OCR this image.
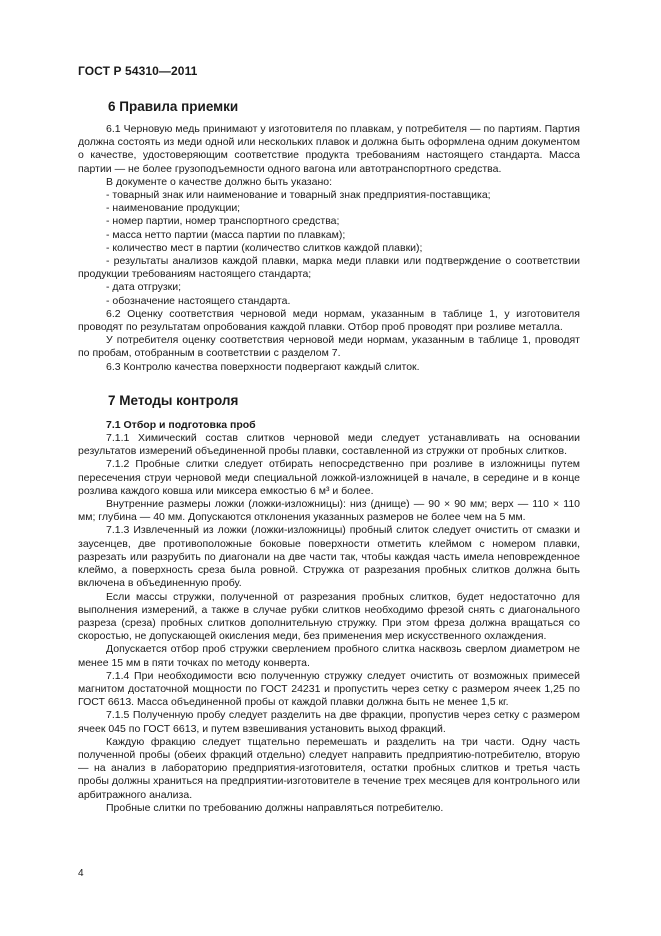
ГОСТ Р 54310—2011
6 Правила приемки

6.1 Черновую медь принимают у изготовителя по плавкам, у потребителя — по партиям. Партия должна состоять из меди одной или нескольких плавок и должна быть оформлена одним документом о качестве, удостоверяющим соответствие продукта требованиям настоящего стандарта. Масса партии — не более грузоподъемности одного вагона или автотранспортного средства.

В документе о качестве должно быть указано:

- товарный знак или наименование и товарный знак предприятия-поставщика;

- наименование продукции;

- номер партии, номер транспортного средства;

- масса нетто партии (масса партии по плавкам);

- количество мест в партии (количество слитков каждой плавки);

- результаты анализов каждой плавки, марка меди плавки или подтверждение о соответствии продукции требованиям настоящего стандарта;

- дата отгрузки;

- обозначение настоящего стандарта.

6.2 Оценку соответствия черновой меди нормам, указанным в таблице 1, у изготовителя проводят по результатам опробования каждой плавки. Отбор проб проводят при розливе металла.

У потребителя оценку соответствия черновой меди нормам, указанным в таблице 1, проводят по пробам, отобранным в соответствии с разделом 7.

6.3 Контролю качества поверхности подвергают каждый слиток.

7 Методы контроля
7.1 Отбор и подготовка проб

7.1.1 Химический состав слитков черновой меди следует устанавливать на основании результатов измерений объединенной пробы плавки, составленной из стружки от пробных слитков.

7.1.2 Пробные слитки следует отбирать непосредственно при розливе в изложницы путем пересечения струи черновой меди специальной ложкой-изложницей в начале, в середине и в конце розлива каждого ковша или миксера емкостью 6 м³ и более.

Внутренние размеры ложки (ложки-изложницы): низ (днище) — 90 × 90 мм; верх — 110 × 110 мм; глубина — 40 мм. Допускаются отклонения указанных размеров не более чем на 5 мм.

7.1.3 Извлеченный из ложки (ложки-изложницы) пробный слиток следует очистить от смазки и заусенцев, две противоположные боковые поверхности отметить клеймом с номером плавки, разрезать или разрубить по диагонали на две части так, чтобы каждая часть имела неповрежденное клеймо, а поверхность среза была ровной. Стружка от разрезания пробных слитков должна быть включена в объединенную пробу.

Если массы стружки, полученной от разрезания пробных слитков, будет недостаточно для выполнения измерений, а также в случае рубки слитков необходимо фрезой снять с диагонального разреза (среза) пробных слитков дополнительную стружку. При этом фреза должна вращаться со скоростью, не допускающей окисления меди, без применения мер искусственного охлаждения.

Допускается отбор проб стружки сверлением пробного слитка насквозь сверлом диаметром не менее 15 мм в пяти точках по методу конверта.

7.1.4 При необходимости всю полученную стружку следует очистить от возможных примесей магнитом достаточной мощности по ГОСТ 24231 и пропустить через сетку с размером ячеек 1,25 по ГОСТ 6613. Масса объединенной пробы от каждой плавки должна быть не менее 1,5 кг.

7.1.5 Полученную пробу следует разделить на две фракции, пропустив через сетку с размером ячеек 045 по ГОСТ 6613, и путем взвешивания установить выход фракций.

Каждую фракцию следует тщательно перемешать и разделить на три части. Одну часть полученной пробы (обеих фракций отдельно) следует направить предприятию-потребителю, вторую — на анализ в лабораторию предприятия-изготовителя, остатки пробных слитков и третья часть пробы должны храниться на предприятии-изготовителе в течение трех месяцев для контрольного или арбитражного анализа.

Пробные слитки по требованию должны направляться потребителю.

4
